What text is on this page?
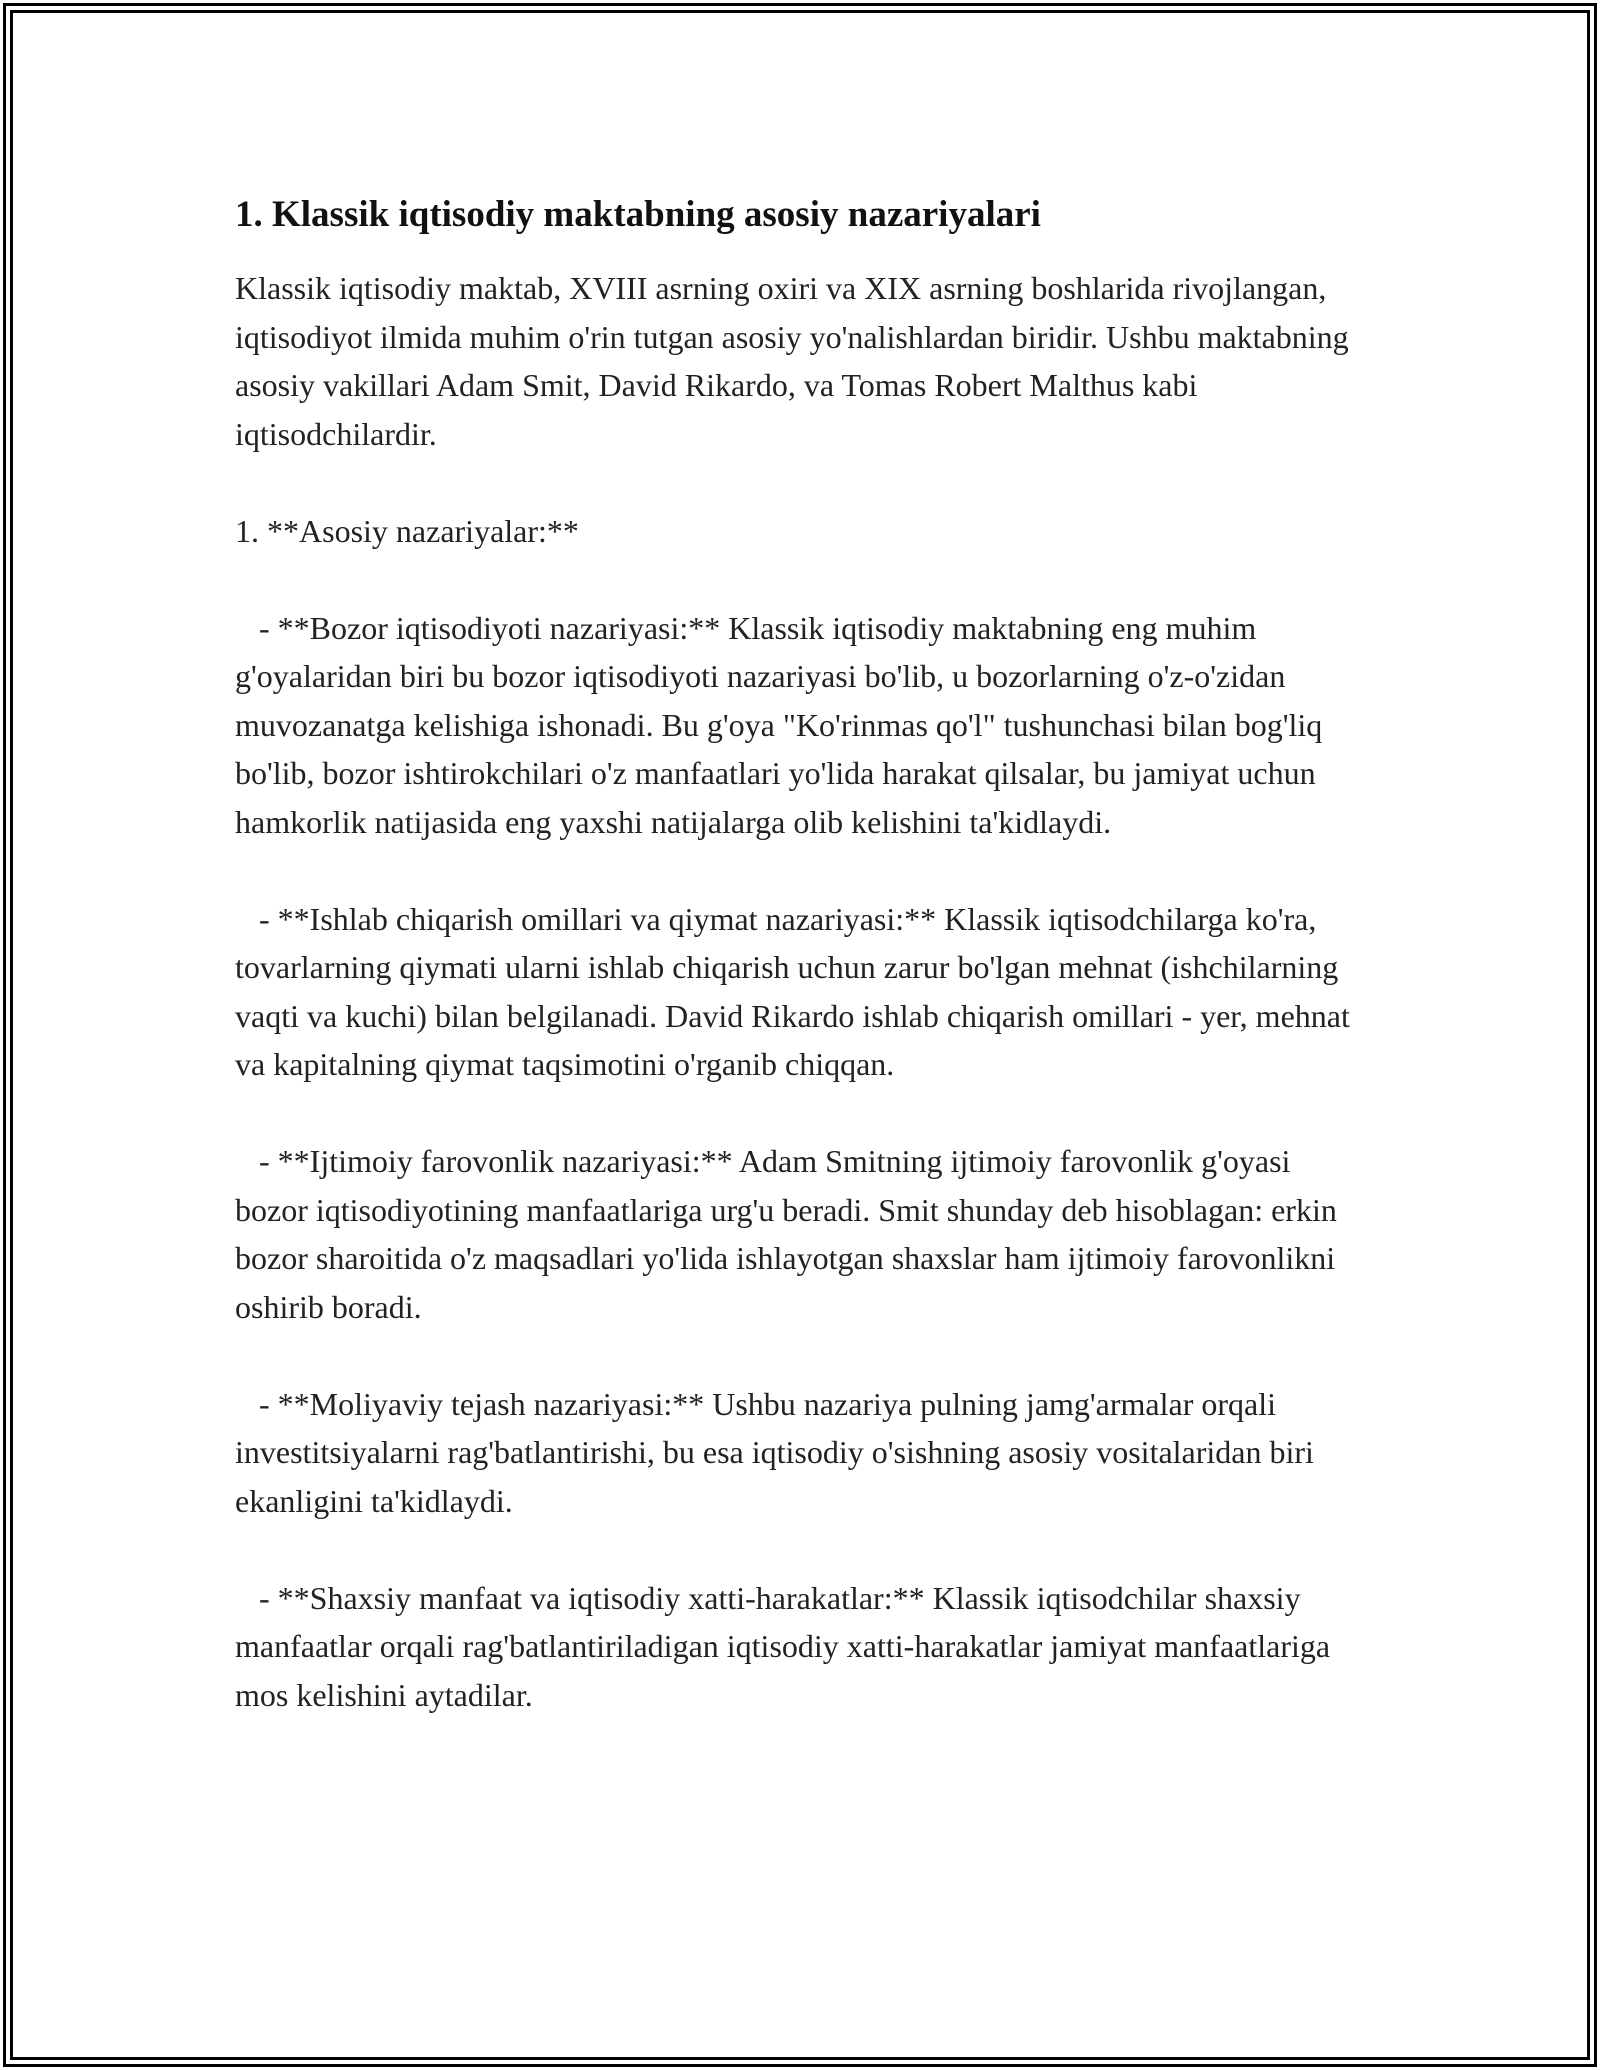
1. Klassik iqtisodiy maktabning asosiy nazariyalari

Klassik iqtisodiy maktab, XVIII asrning oxiri va XIX asrning boshlarida rivojlangan, iqtisodiyot ilmida muhim o'rin tutgan asosiy yo'nalishlardan biridir. Ushbu maktabning asosiy vakillari Adam Smit, David Rikardo, va Tomas Robert Malthus kabi iqtisodchilardir.

1. **Asosiy nazariyalar:**

- **Bozor iqtisodiyoti nazariyasi:** Klassik iqtisodiy maktabning eng muhim g'oyalaridan biri bu bozor iqtisodiyoti nazariyasi bo'lib, u bozorlarning o'z-o'zidan muvozanatga kelishiga ishonadi. Bu g'oya "Ko'rinmas qo'l" tushunchasi bilan bog'liq bo'lib, bozor ishtirokchilari o'z manfaatlari yo'lida harakat qilsalar, bu jamiyat uchun hamkorlik natijasida eng yaxshi natijalarga olib kelishini ta'kidlaydi.

- **Ishlab chiqarish omillari va qiymat nazariyasi:** Klassik iqtisodchilarga ko'ra, tovarlarning qiymati ularni ishlab chiqarish uchun zarur bo'lgan mehnat (ishchilarning vaqti va kuchi) bilan belgilanadi. David Rikardo ishlab chiqarish omillari - yer, mehnat va kapitalning qiymat taqsimotini o'rganib chiqqan.

- **Ijtimoiy farovonlik nazariyasi:** Adam Smitning ijtimoiy farovonlik g'oyasi bozor iqtisodiyotining manfaatlariga urg'u beradi. Smit shunday deb hisoblagan: erkin bozor sharoitida o'z maqsadlari yo'lida ishlayotgan shaxslar ham ijtimoiy farovonlikni oshirib boradi.

- **Moliyaviy tejash nazariyasi:** Ushbu nazariya pulning jamg'armalar orqali investitsiyalarni rag'batlantirishi, bu esa iqtisodiy o'sishning asosiy vositalaridan biri ekanligini ta'kidlaydi.

- **Shaxsiy manfaat va iqtisodiy xatti-harakatlar:** Klassik iqtisodchilar shaxsiy manfaatlar orqali rag'batlantiriladigan iqtisodiy xatti-harakatlar jamiyat manfaatlariga mos kelishini aytadilar.
